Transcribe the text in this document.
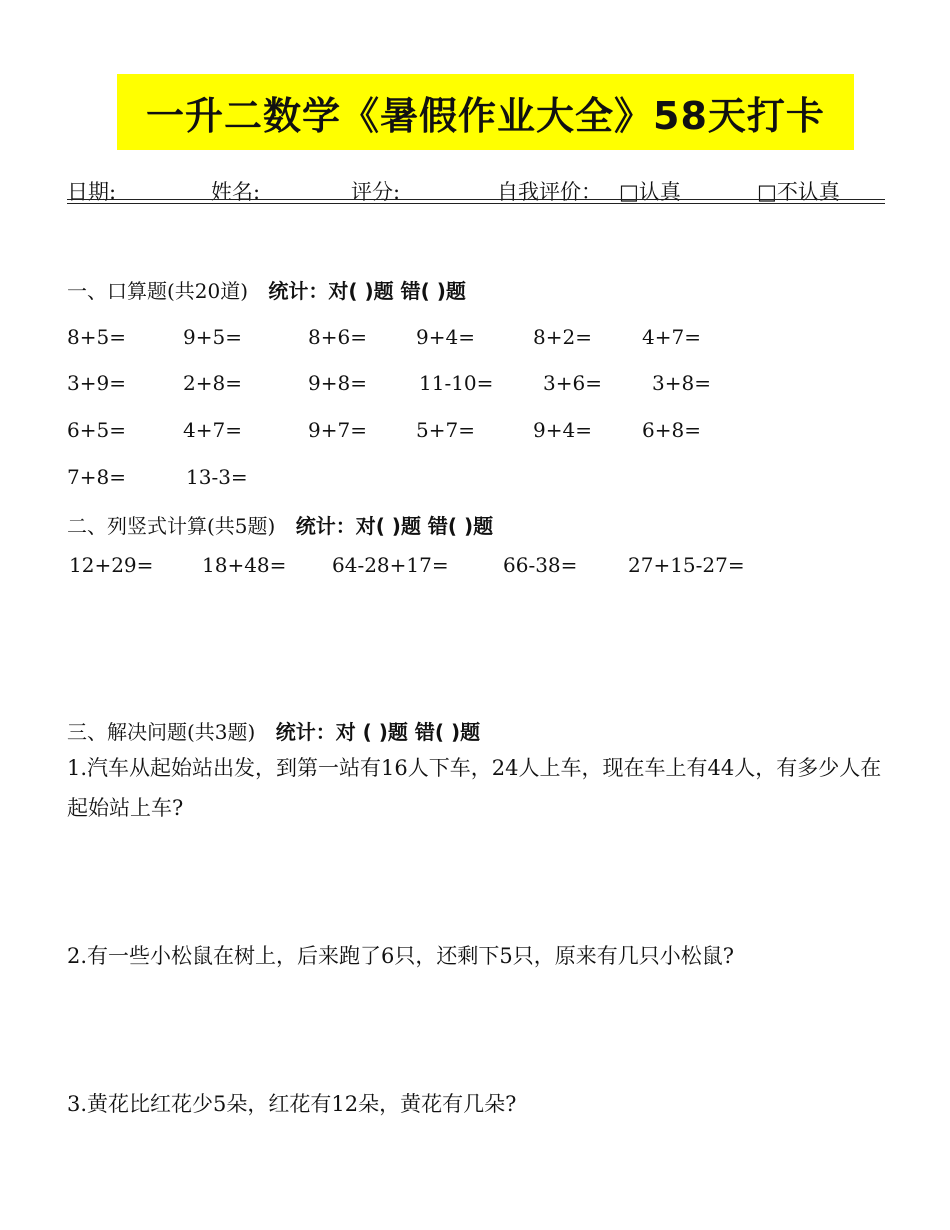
一升二数学《暑假作业大全》58天打卡
日期:	姓名:	评分:	自我评价： □认真	□不认真
一、口算题(共20道) 统计：对( )题 错( )题
8+5=	9+5=	8+6= 9+4=	8+2=	4+7=
3+9=	2+8=	9+8=	11-10= 3+6=	3+8=
6+5=	4+7=	9+7= 5+7=	9+4=	6+8=
7+8=	13-3=
二、列竖式计算(共5题) 统计：对( )题 错( )题
12+29= 18+48= 64-28+17=	66-38=	27+15-27=
三、解决问题(共3题) 统计：对 ( )题 错( )题
1.汽车从起始站出发，到第一站有16人下车，24人上车，现在车上有44人，有多少人在起始站上车?
2.有一些小松鼠在树上，后来跑了6只，还剩下5只，原来有几只小松鼠?
3.黄花比红花少5朵，红花有12朵，黄花有几朵?
